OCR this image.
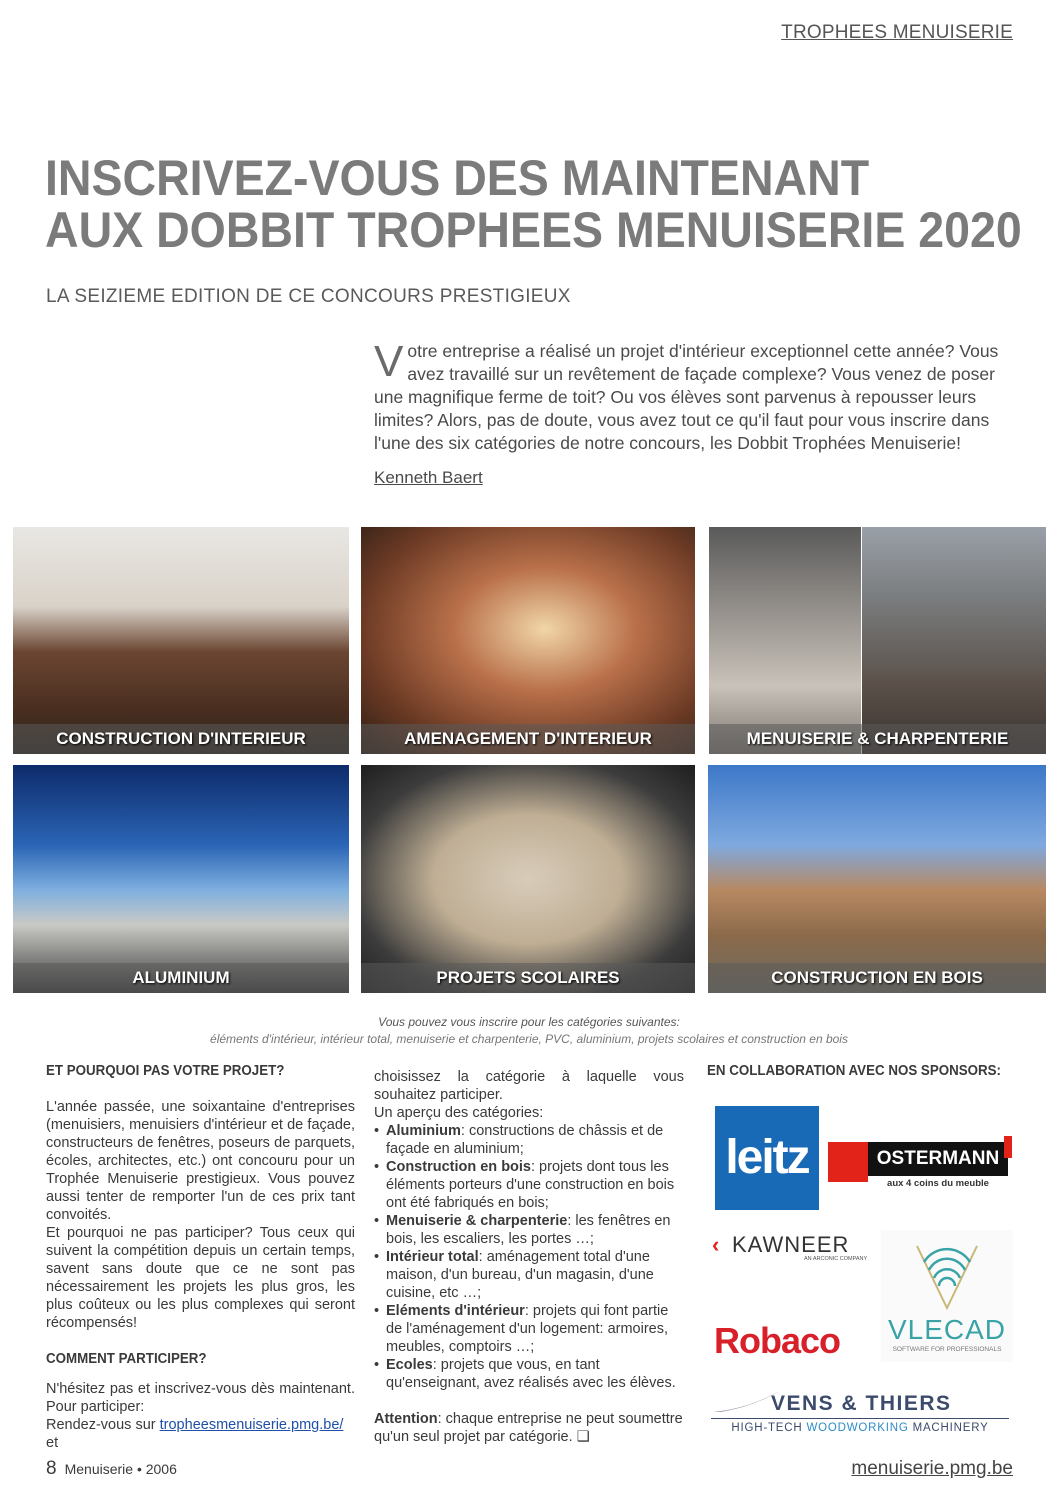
TROPHEES MENUISERIE
INSCRIVEZ-VOUS DES MAINTENANT
AUX DOBBIT TROPHEES MENUISERIE 2020
LA SEIZIEME EDITION DE CE CONCOURS PRESTIGIEUX
Votre entreprise a réalisé un projet d'intérieur exceptionnel cette année? Vous avez travaillé sur un revêtement de façade complexe? Vous venez de poser une magnifique ferme de toit? Ou vos élèves sont parvenus à repousser leurs limites? Alors, pas de doute, vous avez tout ce qu'il faut pour vous inscrire dans l'une des six catégories de notre concours, les Dobbit Trophées Menuiserie!
Kenneth Baert
CONSTRUCTION D'INTERIEUR	AMENAGEMENT D'INTERIEUR	MENUISERIE & CHARPENTERIE
ALUMINIUM	PROJETS SCOLAIRES	CONSTRUCTION EN BOIS
Vous pouvez vous inscrire pour les catégories suivantes:
éléments d'intérieur, intérieur total, menuiserie et charpenterie, PVC, aluminium, projets scolaires et construction en bois
ET POURQUOI PAS VOTRE PROJET?
L'année passée, une soixantaine d'entreprises (menuisiers, menuisiers d'intérieur et de façade, constructeurs de fenêtres, poseurs de parquets, écoles, architectes, etc.) ont concouru pour un Trophée Menuiserie prestigieux. Vous pouvez aussi tenter de remporter l'un de ces prix tant convoités.
Et pourquoi ne pas participer? Tous ceux qui suivent la compétition depuis un certain temps, savent sans doute que ce ne sont pas nécessairement les projets les plus gros, les plus coûteux ou les plus complexes qui seront récompensés!
COMMENT PARTICIPER?
N'hésitez pas et inscrivez-vous dès maintenant. Pour participer:
Rendez-vous sur tropheesmenuiserie.pmg.be/ et
choisissez la catégorie à laquelle vous souhaitez participer.
Un aperçu des catégories:
• Aluminium: constructions de châssis et de façade en aluminium;
• Construction en bois: projets dont tous les éléments porteurs d'une construction en bois ont été fabriqués en bois;
• Menuiserie & charpenterie: les fenêtres en bois, les escaliers, les portes …;
• Intérieur total: aménagement total d'une maison, d'un bureau, d'un magasin, d'une cuisine, etc …;
• Eléments d'intérieur: projets qui font partie de l'aménagement d'un logement: armoires, meubles, comptoirs …;
• Ecoles: projets que vous, en tant qu'enseignant, avez réalisés avec les élèves.
Attention: chaque entreprise ne peut soumettre qu'un seul projet par catégorie. ❑
EN COLLABORATION AVEC NOS SPONSORS:
leitz	OSTERMANN
aux 4 coins du meuble
‹ KAWNEER
AN ARCONIC COMPANY
VLECAD
SOFTWARE FOR PROFESSIONALS
Robaco
VENS & THIERS
HIGH-TECH WOODWORKING MACHINERY
8 Menuiserie • 2006	menuiserie.pmg.be
